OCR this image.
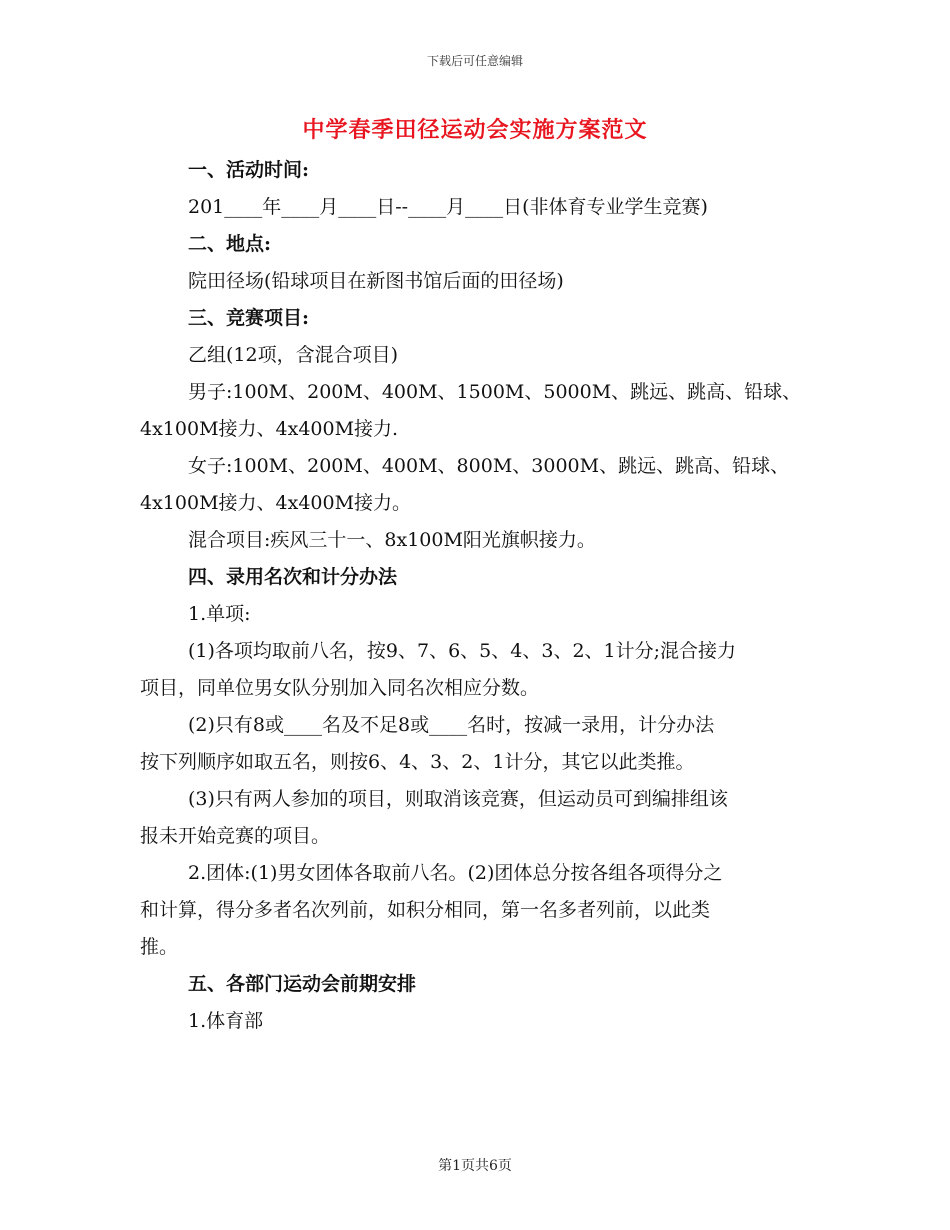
下载后可任意编辑
中学春季田径运动会实施方案范文
一、活动时间:
201____年____月____日--____月____日(非体育专业学生竞赛)
二、地点:
院田径场(铅球项目在新图书馆后面的田径场)
三、竞赛项目:
乙组(12项，含混合项目)
男子:100M、200M、400M、1500M、5000M、跳远、跳高、铅球、
4x100M接力、4x400M接力.
女子:100M、200M、400M、800M、3000M、跳远、跳高、铅球、
4x100M接力、4x400M接力。
混合项目:疾风三十一、8x100M阳光旗帜接力。
四、录用名次和计分办法
1.单项:
(1)各项均取前八名，按9、7、6、5、4、3、2、1计分;混合接力
项目，同单位男女队分别加入同名次相应分数。
(2)只有8或____名及不足8或____名时，按减一录用，计分办法
按下列顺序如取五名，则按6、4、3、2、1计分，其它以此类推。
(3)只有两人参加的项目，则取消该竞赛，但运动员可到编排组该
报未开始竞赛的项目。
2.团体:(1)男女团体各取前八名。(2)团体总分按各组各项得分之
和计算，得分多者名次列前，如积分相同，第一名多者列前，以此类
推。
五、各部门运动会前期安排
1.体育部
第1页共6页
